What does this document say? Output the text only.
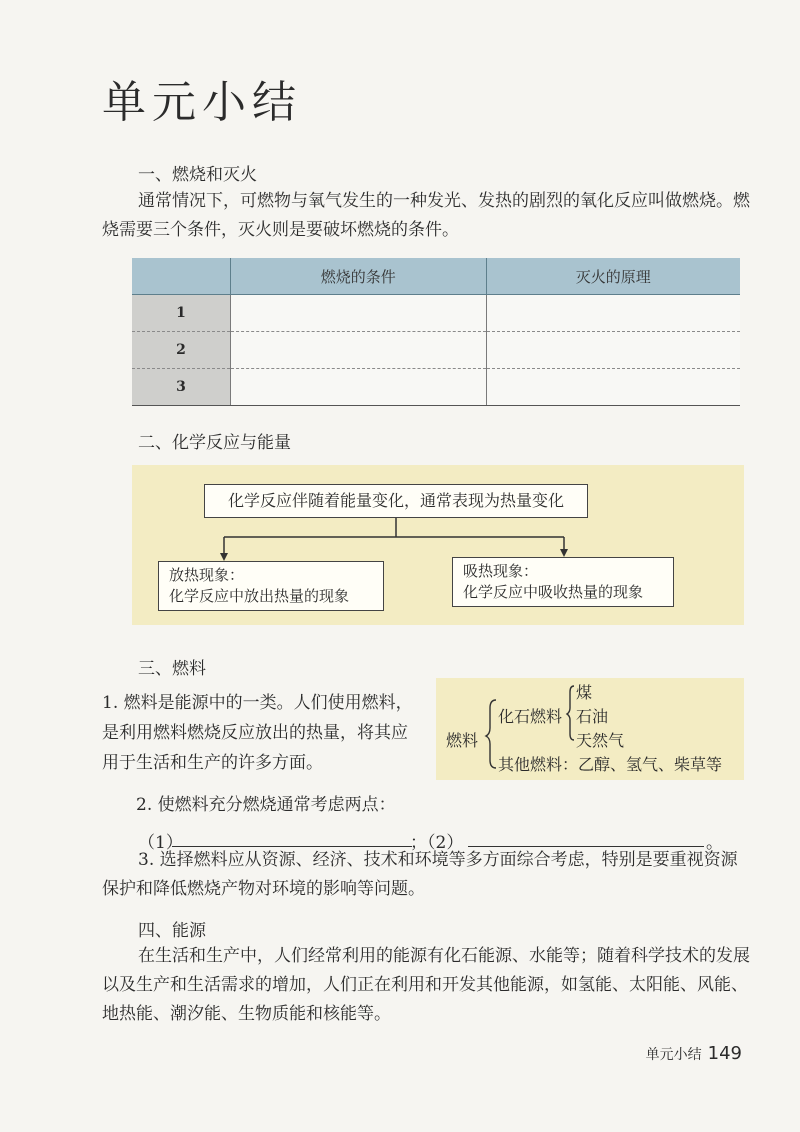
单元小结
一、燃烧和灭火
通常情况下，可燃物与氧气发生的一种发光、发热的剧烈的氧化反应叫做燃烧。燃烧需要三个条件，灭火则是要破坏燃烧的条件。
	燃烧的条件	灭火的原理
1		
2		
3		
二、化学反应与能量
化学反应伴随着能量变化，通常表现为热量变化
放热现象：
化学反应中放出热量的现象
吸热现象：
化学反应中吸收热量的现象
三、燃料
1. 燃料是能源中的一类。人们使用燃料，是利用燃料燃烧反应放出的热量，将其应用于生活和生产的许多方面。
燃料
化石燃料
煤
石油
天然气
其他燃料：乙醇、氢气、柴草等
2. 使燃料充分燃烧通常考虑两点：
（1）	；（2）	。
3. 选择燃料应从资源、经济、技术和环境等多方面综合考虑，特别是要重视资源保护和降低燃烧产物对环境的影响等问题。
四、能源
在生活和生产中，人们经常利用的能源有化石能源、水能等；随着科学技术的发展以及生产和生活需求的增加，人们正在利用和开发其他能源，如氢能、太阳能、风能、地热能、潮汐能、生物质能和核能等。
单元小结 149
